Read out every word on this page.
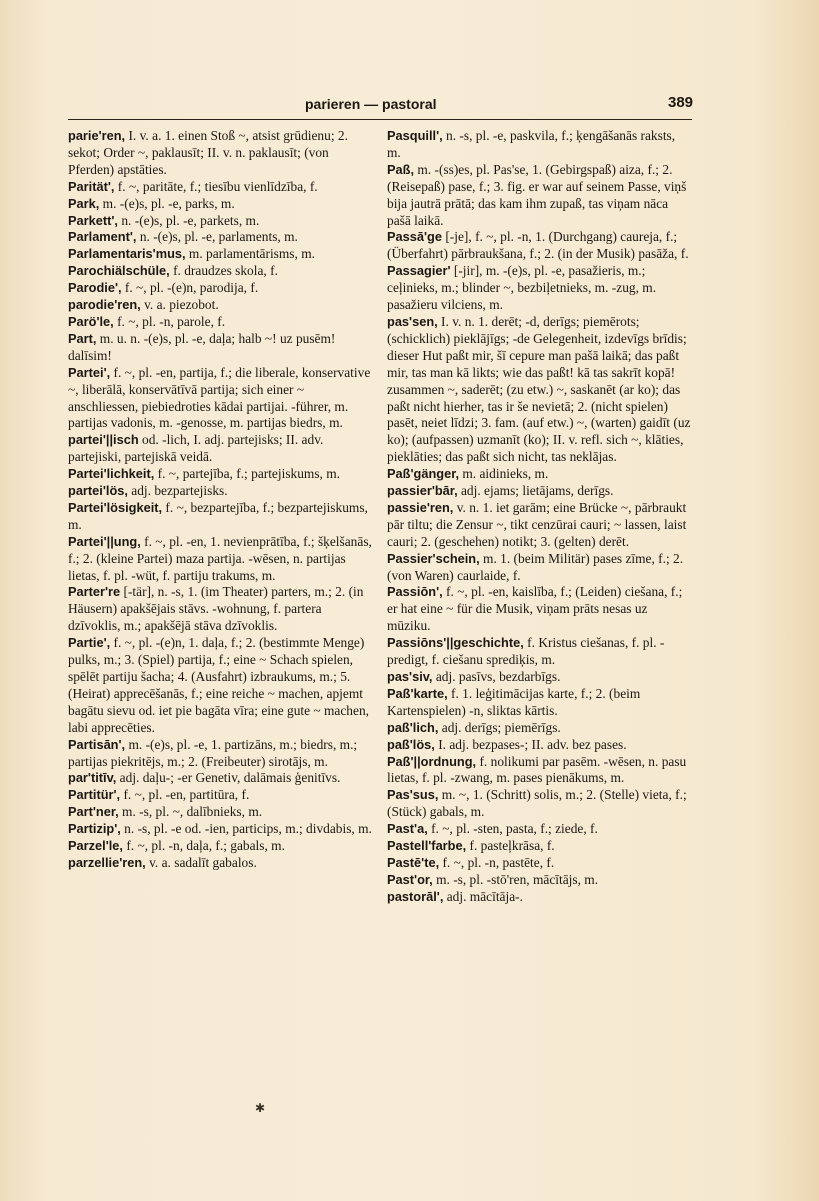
parieren — pastoral	389

parie'ren, I. v. a. 1. einen Stoß ~, atsist grūdienu; 2. sekot; Order ~, paklausīt; II. v. n. paklausīt; (von Pferden) apstāties.

Parität', f. ~, paritāte, f.; tiesību vienlīdzība, f.

Park, m. -(e)s, pl. -e, parks, m.

Parkett', n. -(e)s, pl. -e, parkets, m.

Parlament', n. -(e)s, pl. -e, parlaments, m.

Parlamentaris'mus, m. parlamentārisms, m.

Parochiälschüle, f. draudzes skola, f.

Parodie', f. ~, pl. -(e)n, parodija, f.

parodie'ren, v. a. piezobot.

Parö'le, f. ~, pl. -n, parole, f.

Part, m. u. n. -(e)s, pl. -e, daļa; halb ~! uz pusēm! dalīsim!

Partei', f. ~, pl. -en, partija, f.; die liberale, konservative ~, liberālā, konservātīvā partija; sich einer ~ anschliessen, piebiedroties kādai partijai. -führer, m. partijas vadonis, m. -genosse, m. partijas biedrs, m.

partei'||isch od. -lich, I. adj. partejisks; II. adv. partejiski, partejiskā veidā.

Partei'lichkeit, f. ~, partejība, f.; partejiskums, m.

partei'lös, adj. bezpartejisks.

Partei'lösigkeit, f. ~, bezpartejība, f.; bezpartejiskums, m.

Partei'||ung, f. ~, pl. -en, 1. nevienprātība, f.; šķelšanās, f.; 2. (kleine Partei) maza partija. -wēsen, n. partijas lietas, f. pl. -wüt, f. partiju trakums, m.

Parter're [-tär], n. -s, 1. (im Theater) parters, m.; 2. (in Häusern) apakšējais stāvs. -wohnung, f. partera dzīvoklis, m.; apakšējā stāva dzīvoklis.

Partie', f. ~, pl. -(e)n, 1. daļa, f.; 2. (bestimmte Menge) pulks, m.; 3. (Spiel) partija, f.; eine ~ Schach spielen, spēlēt partiju šacha; 4. (Ausfahrt) izbraukums, m.; 5. (Heirat) apprecēšanās, f.; eine reiche ~ machen, apjemt bagātu sievu od. iet pie bagāta vīra; eine gute ~ machen, labi apprecēties.

Partisān', m. -(e)s, pl. -e, 1. partizāns, m.; biedrs, m.; partijas piekritējs, m.; 2. (Freibeuter) sirotājs, m.

par'titīv, adj. daļu-; -er Genetiv, dalāmais ģenitīvs.

Partitür', f. ~, pl. -en, partitūra, f.

Part'ner, m. -s, pl. ~, dalībnieks, m.

Partizip', n. -s, pl. -e od. -ien, particips, m.; divdabis, m.

Parzel'le, f. ~, pl. -n, daļa, f.; gabals, m.

parzellie'ren, v. a. sadalīt gabalos.

Pasquill', n. -s, pl. -e, paskvila, f.; ķengāšanās raksts, m.

Paß, m. -(ss)es, pl. Pas'se, 1. (Gebirgspaß) aiza, f.; 2. (Reisepaß) pase, f.; 3. fig. er war auf seinem Passe, viņš bija jautrā prātā; das kam ihm zupaß, tas viņam nāca pašā laikā.

Passā'ge [-je], f. ~, pl. -n, 1. (Durchgang) caureja, f.; (Überfahrt) pārbraukšana, f.; 2. (in der Musik) pasāža, f.

Passagier' [-jir], m. -(e)s, pl. -e, pasažieris, m.; ceļinieks, m.; blinder ~, bezbiļetnieks, m. -zug, m. pasažieru vilciens, m.

pas'sen, I. v. n. 1. derēt; -d, derīgs; piemērots; (schicklich) pieklājīgs; -de Gelegenheit, izdevīgs brīdis; dieser Hut paßt mir, šī cepure man pašā laikā; das paßt mir, tas man kā likts; wie das paßt! kā tas sakrīt kopā! zusammen ~, saderēt; (zu etw.) ~, saskanēt (ar ko); das paßt nicht hierher, tas ir še nevietā; 2. (nicht spielen) pasēt, neiet līdzi; 3. fam. (auf etw.) ~, (warten) gaidīt (uz ko); (aufpassen) uzmanīt (ko); II. v. refl. sich ~, klāties, pieklāties; das paßt sich nicht, tas neklājas.

Paß'gänger, m. aidinieks, m.

passier'bār, adj. ejams; lietājams, derīgs.

passie'ren, v. n. 1. iet garām; eine Brücke ~, pārbraukt pār tiltu; die Zensur ~, tikt cenzūrai cauri; ~ lassen, laist cauri; 2. (geschehen) notikt; 3. (gelten) derēt.

Passier'schein, m. 1. (beim Militär) pases zīme, f.; 2. (von Waren) caurlaide, f.

Passiōn', f. ~, pl. -en, kaislība, f.; (Leiden) ciešana, f.; er hat eine ~ für die Musik, viņam prāts nesas uz mūziku.

Passiōns'||geschichte, f. Kristus ciešanas, f. pl. -predigt, f. ciešanu sprediķis, m.

pas'siv, adj. pasīvs, bezdarbīgs.

Paß'karte, f. 1. leģitimācijas karte, f.; 2. (beim Kartenspielen) -n, sliktas kārtis.

paß'lich, adj. derīgs; piemērīgs.

paß'lös, I. adj. bezpases-; II. adv. bez pases.

Paß'||ordnung, f. nolikumi par pasēm. -wēsen, n. pasu lietas, f. pl. -zwang, m. pases pienākums, m.

Pas'sus, m. ~, 1. (Schritt) solis, m.; 2. (Stelle) vieta, f.; (Stück) gabals, m.

Past'a, f. ~, pl. -sten, pasta, f.; ziede, f.

Pastell'farbe, f. pasteļkrāsa, f.

Pastē'te, f. ~, pl. -n, pastēte, f.

Past'or, m. -s, pl. -stō'ren, mācītājs, m.

pastorāl', adj. mācītāja-.

✱
